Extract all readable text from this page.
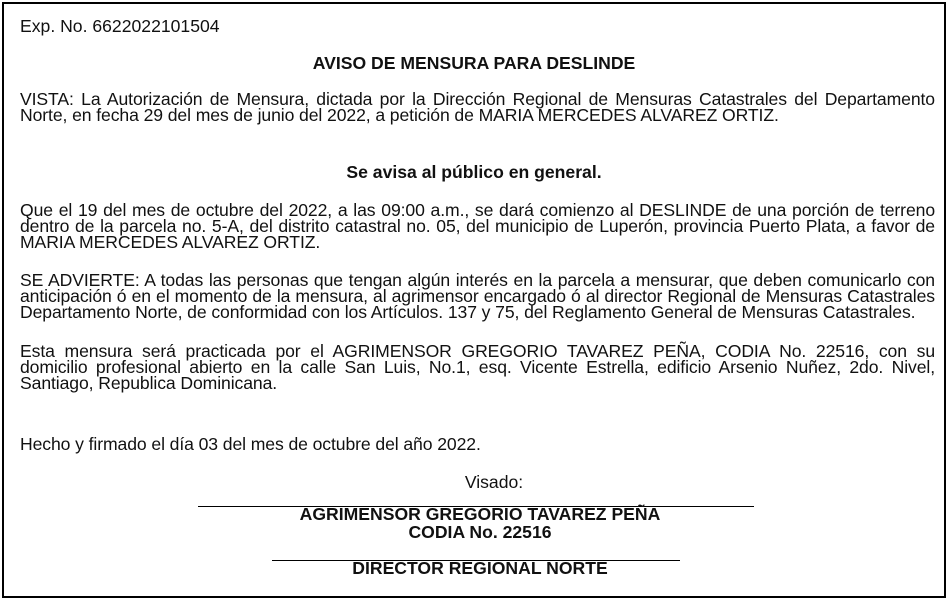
Exp. No. 6622022101504

AVISO DE MENSURA PARA DESLINDE

VISTA: La Autorización de Mensura, dictada por la Dirección Regional de Mensuras Catastrales del Departamento Norte, en fecha 29 del mes de junio del 2022, a petición de MARIA MERCEDES ALVAREZ ORTIZ.

Se avisa al público en general.

Que el 19 del mes de octubre del 2022, a las 09:00 a.m., se dará comienzo al DESLINDE de una porción de terreno dentro de la parcela no. 5-A, del distrito catastral no. 05, del municipio de Luperón, provincia Puerto Plata, a favor de MARIA MERCEDES ALVAREZ ORTIZ.

SE ADVIERTE: A todas las personas que tengan algún interés en la parcela a mensurar, que deben comunicarlo con anticipación ó en el momento de la mensura, al agrimensor encargado ó al director Regional de Mensuras Catastrales Departamento Norte, de conformidad con los Artículos. 137 y 75, del Reglamento General de Mensuras Catastrales.

Esta mensura será practicada por el AGRIMENSOR GREGORIO TAVAREZ PEÑA, CODIA No. 22516, con su domicilio profesional abierto en la calle San Luis, No.1, esq. Vicente Estrella, edificio Arsenio Nuñez, 2do. Nivel, Santiago, Republica Dominicana.

Hecho y firmado el día 03 del mes de octubre del año 2022.

Visado:

AGRIMENSOR GREGORIO TAVAREZ PEÑA

CODIA No. 22516

DIRECTOR REGIONAL NORTE
